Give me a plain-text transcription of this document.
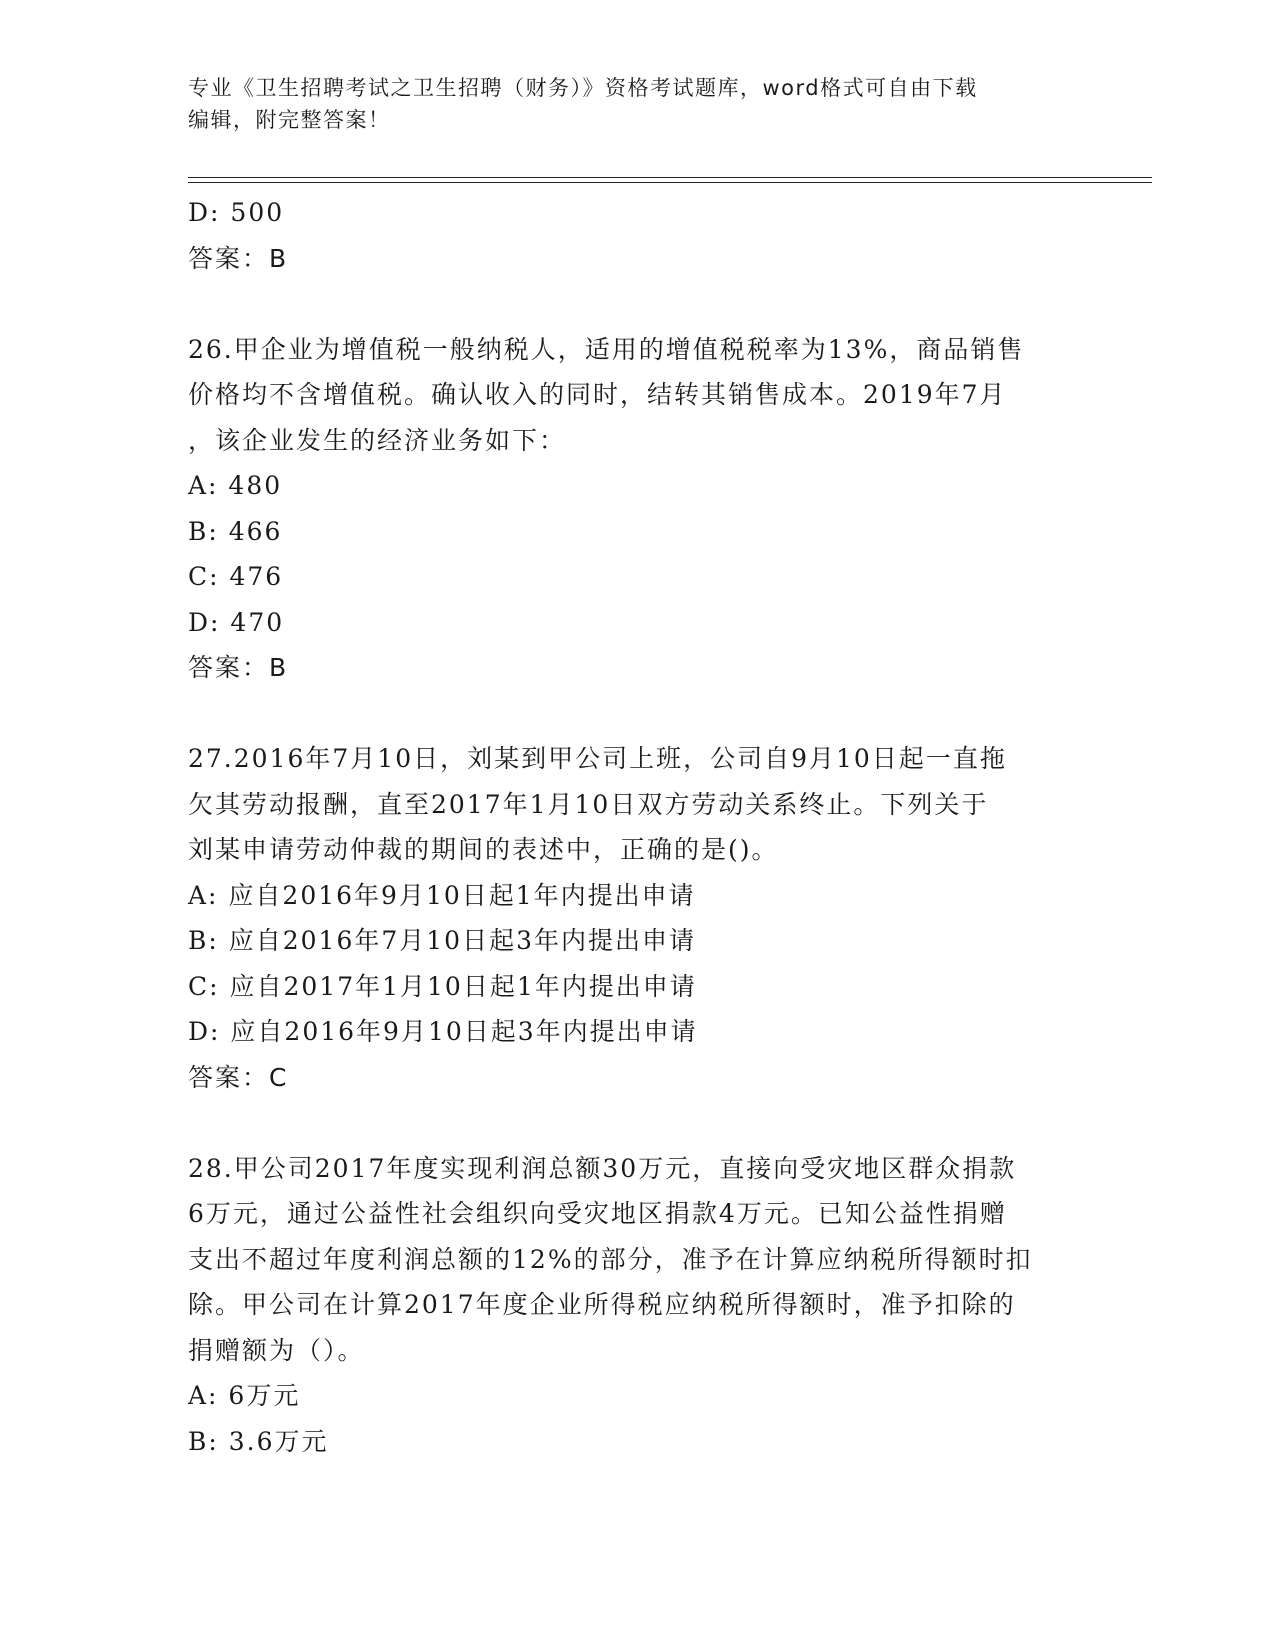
专业《卫生招聘考试之卫生招聘（财务）》资格考试题库，word格式可自由下载
编辑，附完整答案！
D: 500
答案：B
26.甲企业为增值税一般纳税人，适用的增值税税率为13%，商品销售
价格均不含增值税。确认收入的同时，结转其销售成本。2019年7月
，该企业发生的经济业务如下：
A: 480
B: 466
C: 476
D: 470
答案：B
27.2016年7月10日，刘某到甲公司上班，公司自9月10日起一直拖
欠其劳动报酬，直至2017年1月10日双方劳动关系终止。下列关于
刘某申请劳动仲裁的期间的表述中，正确的是()。
A: 应自2016年9月10日起1年内提出申请
B: 应自2016年7月10日起3年内提出申请
C: 应自2017年1月10日起1年内提出申请
D: 应自2016年9月10日起3年内提出申请
答案：C
28.甲公司2017年度实现利润总额30万元，直接向受灾地区群众捐款
6万元，通过公益性社会组织向受灾地区捐款4万元。已知公益性捐赠
支出不超过年度利润总额的12%的部分，准予在计算应纳税所得额时扣
除。甲公司在计算2017年度企业所得税应纳税所得额时，准予扣除的
捐赠额为（）。
A: 6万元
B: 3.6万元
